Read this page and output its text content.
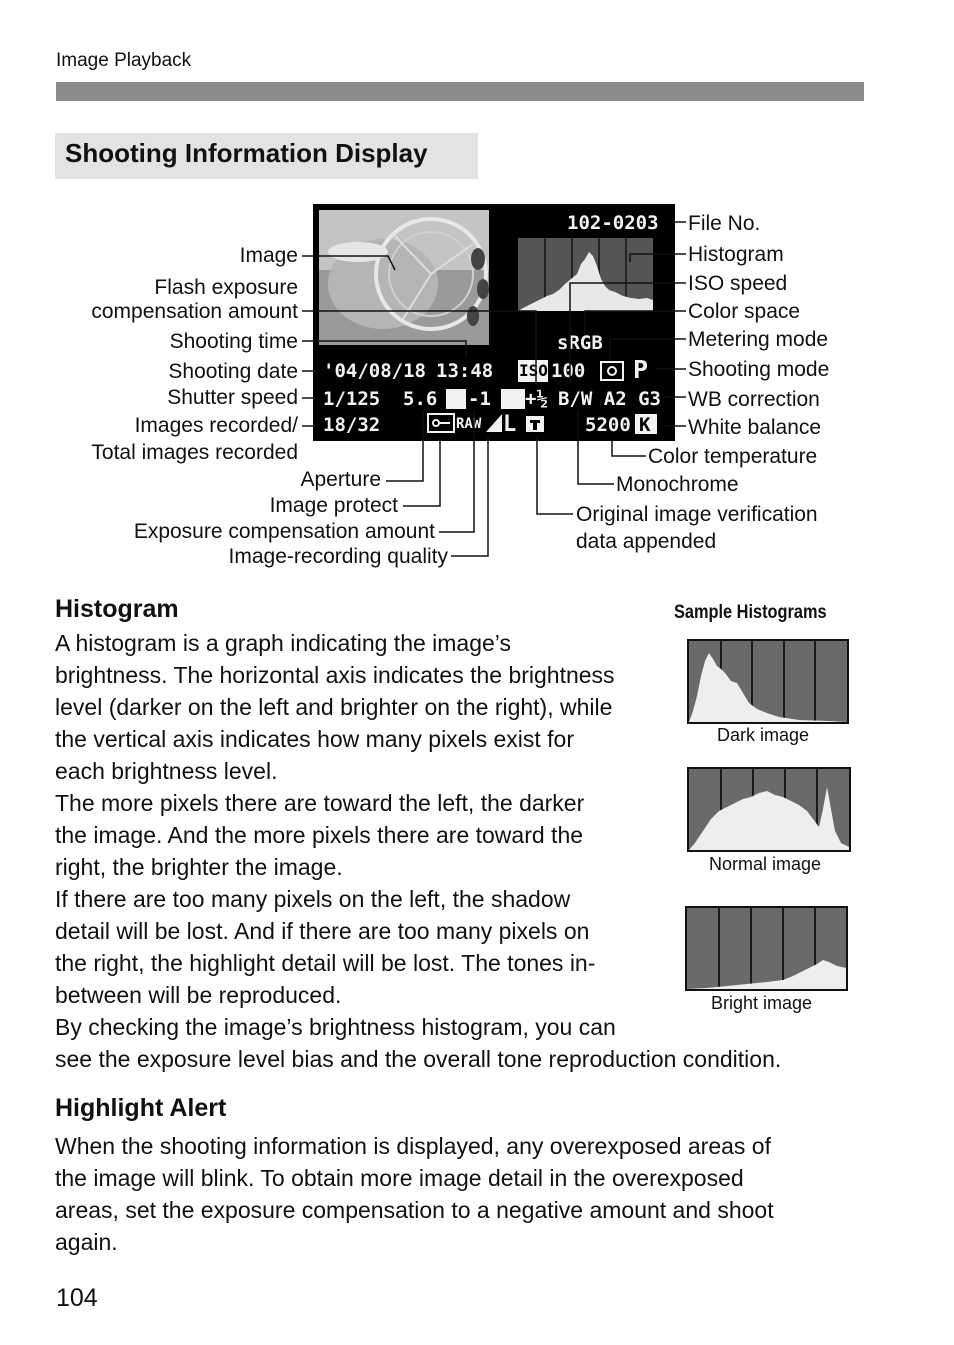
Image Playback
Shooting Information Display
102-0203
sRGB
'04/08/18 13:48 ISO 100 P
1/125 5.6 -1 +½ B/W A2 G3
18/32	RAW L	5200 K
Image
Flash exposure
compensation amount
Shooting time
Shooting date
Shutter speed
Images recorded/
Total images recorded
Aperture
Image protect
Exposure compensation amount
Image-recording quality
File No.
Histogram
ISO speed
Color space
Metering mode
Shooting mode
WB correction
White balance
Color temperature
Monochrome
Original image verification
data appended
Histogram
A histogram is a graph indicating the image’s
brightness. The horizontal axis indicates the brightness
level (darker on the left and brighter on the right), while
the vertical axis indicates how many pixels exist for
each brightness level.
The more pixels there are toward the left, the darker
the image. And the more pixels there are toward the
right, the brighter the image.
If there are too many pixels on the left, the shadow
detail will be lost. And if there are too many pixels on
the right, the highlight detail will be lost. The tones in-
between will be reproduced.
By checking the image’s brightness histogram, you can
see the exposure level bias and the overall tone reproduction condition.
Sample Histograms
Dark image
Normal image
Bright image
Highlight Alert
When the shooting information is displayed, any overexposed areas of
the image will blink. To obtain more image detail in the overexposed
areas, set the exposure compensation to a negative amount and shoot
again.
104
